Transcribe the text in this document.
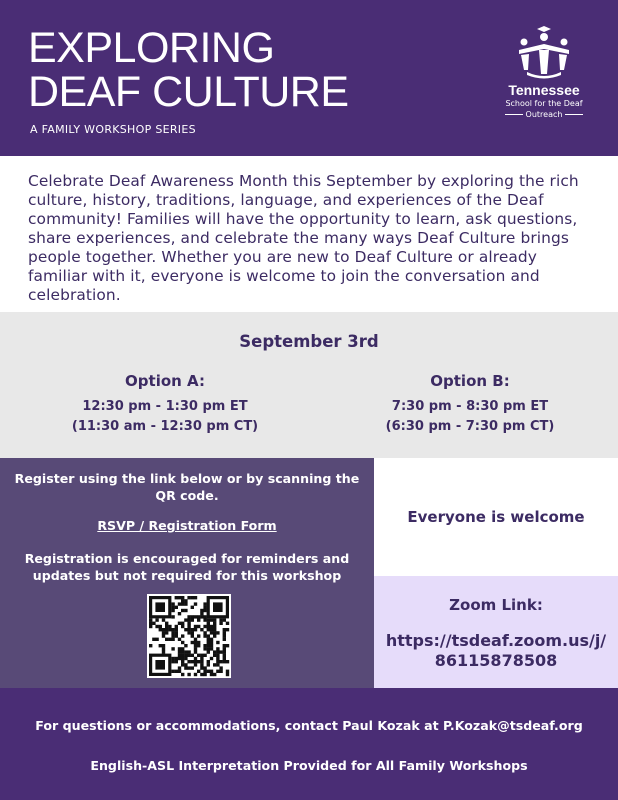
EXPLORING
DEAF CULTURE
A FAMILY WORKSHOP SERIES
Tennessee
School for the Deaf
Outreach

Celebrate Deaf Awareness Month this September by exploring the rich culture, history, traditions, language, and experiences of the Deaf community! Families will have the opportunity to learn, ask questions, share experiences, and celebrate the many ways Deaf Culture brings people together. Whether you are new to Deaf Culture or already familiar with it, everyone is welcome to join the conversation and celebration.

September 3rd
Option A:
12:30 pm - 1:30 pm ET
(11:30 am - 12:30 pm CT)
Option B:
7:30 pm - 8:30 pm ET
(6:30 pm - 7:30 pm CT)
Register using the link below or by scanning the QR code.
RSVP / Registration Form
Registration is encouraged for reminders and updates but not required for this workshop
Everyone is welcome
Zoom Link:
https://tsdeaf.zoom.us/j/86115878508
For questions or accommodations, contact Paul Kozak at P.Kozak@tsdeaf.org
English-ASL Interpretation Provided for All Family Workshops
